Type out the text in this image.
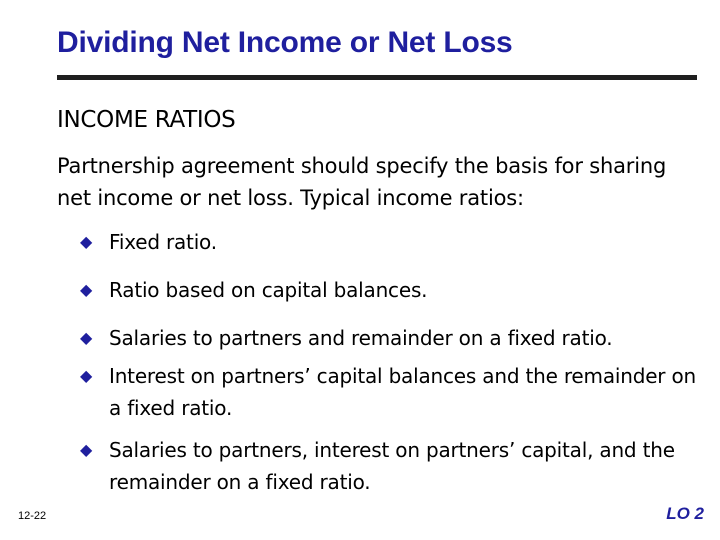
Dividing Net Income or Net Loss
INCOME RATIOS
Partnership agreement should specify the basis for sharing net income or net loss. Typical income ratios:
◆ Fixed ratio.
◆ Ratio based on capital balances.
◆ Salaries to partners and remainder on a fixed ratio.
◆ Interest on partners’ capital balances and the remainder on a fixed ratio.
◆ Salaries to partners, interest on partners’ capital, and the remainder on a fixed ratio.
12-22	LO 2
